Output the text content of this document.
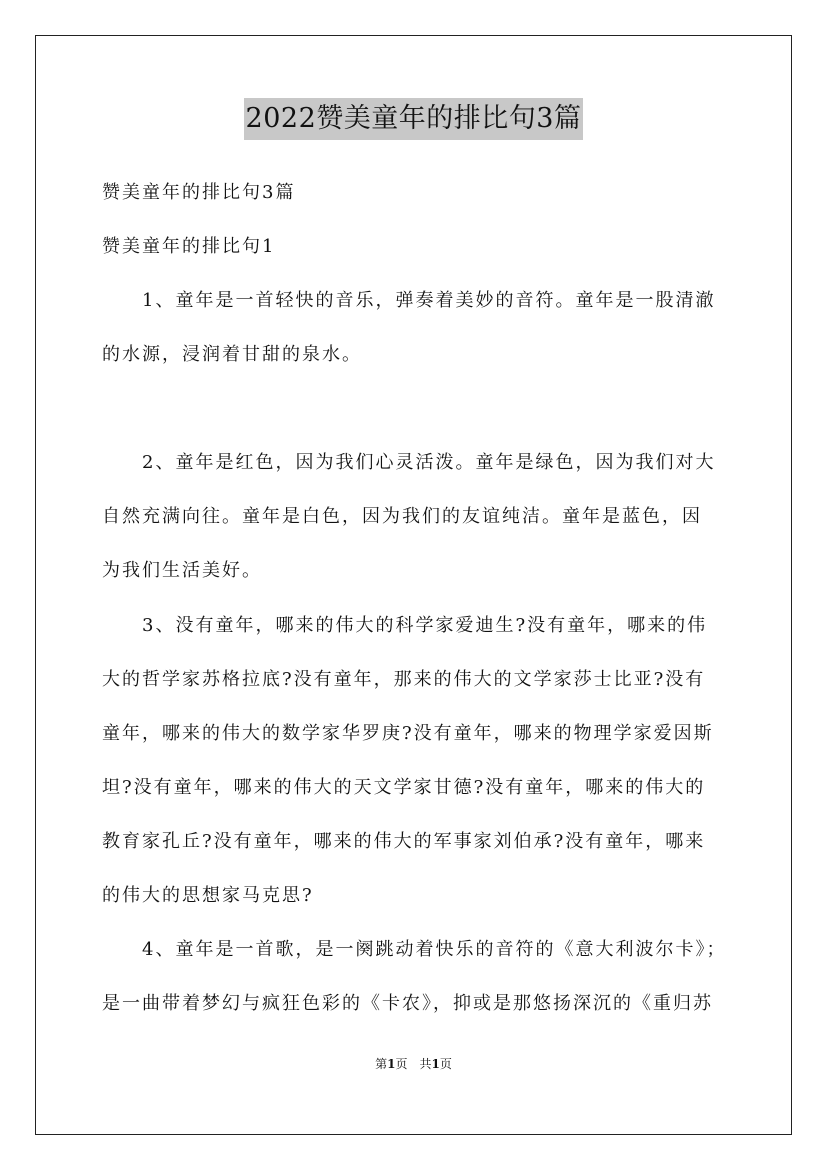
2022赞美童年的排比句3篇
赞美童年的排比句3篇
赞美童年的排比句1
1、童年是一首轻快的音乐，弹奏着美妙的音符。童年是一股清澈
的水源，浸润着甘甜的泉水。
2、童年是红色，因为我们心灵活泼。童年是绿色，因为我们对大
自然充满向往。童年是白色，因为我们的友谊纯洁。童年是蓝色，因
为我们生活美好。
3、没有童年，哪来的伟大的科学家爱迪生?没有童年，哪来的伟
大的哲学家苏格拉底?没有童年，那来的伟大的文学家莎士比亚?没有
童年，哪来的伟大的数学家华罗庚?没有童年，哪来的物理学家爱因斯
坦?没有童年，哪来的伟大的天文学家甘德?没有童年，哪来的伟大的
教育家孔丘?没有童年，哪来的伟大的军事家刘伯承?没有童年，哪来
的伟大的思想家马克思?
4、童年是一首歌，是一阕跳动着快乐的音符的《意大利波尔卡》；
是一曲带着梦幻与疯狂色彩的《卡农》，抑或是那悠扬深沉的《重归苏
第1页　共1页
